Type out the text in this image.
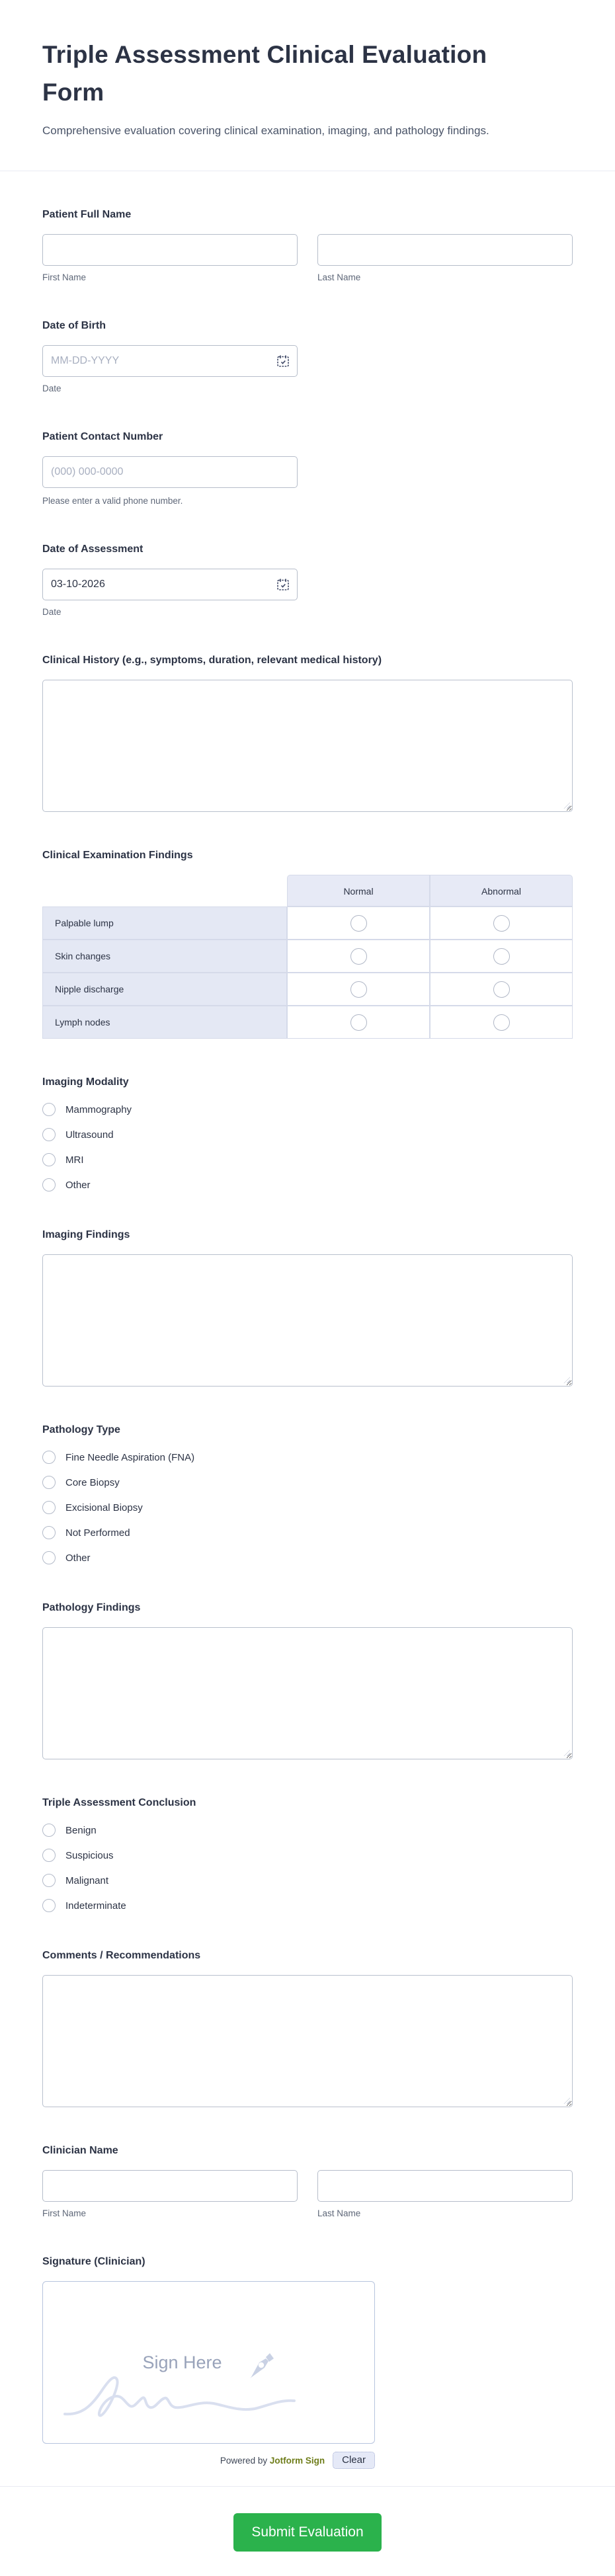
Triple Assessment Clinical Evaluation Form
Comprehensive evaluation covering clinical examination, imaging, and pathology findings.
Patient Full Name
First Name	Last Name
Date of Birth
MM-DD-YYYY
Date
Patient Contact Number
(000) 000-0000
Please enter a valid phone number.
Date of Assessment
03-10-2026
Date
Clinical History (e.g., symptoms, duration, relevant medical history)
Clinical Examination Findings
Normal	Abnormal
Palpable lump
Skin changes
Nipple discharge
Lymph nodes
Imaging Modality
Mammography
Ultrasound
MRI
Other
Imaging Findings
Pathology Type
Fine Needle Aspiration (FNA)
Core Biopsy
Excisional Biopsy
Not Performed
Other
Pathology Findings
Triple Assessment Conclusion
Benign
Suspicious
Malignant
Indeterminate
Comments / Recommendations
Clinician Name
First Name	Last Name
Signature (Clinician)
Sign Here
Powered by Jotform Sign	Clear
Submit Evaluation
